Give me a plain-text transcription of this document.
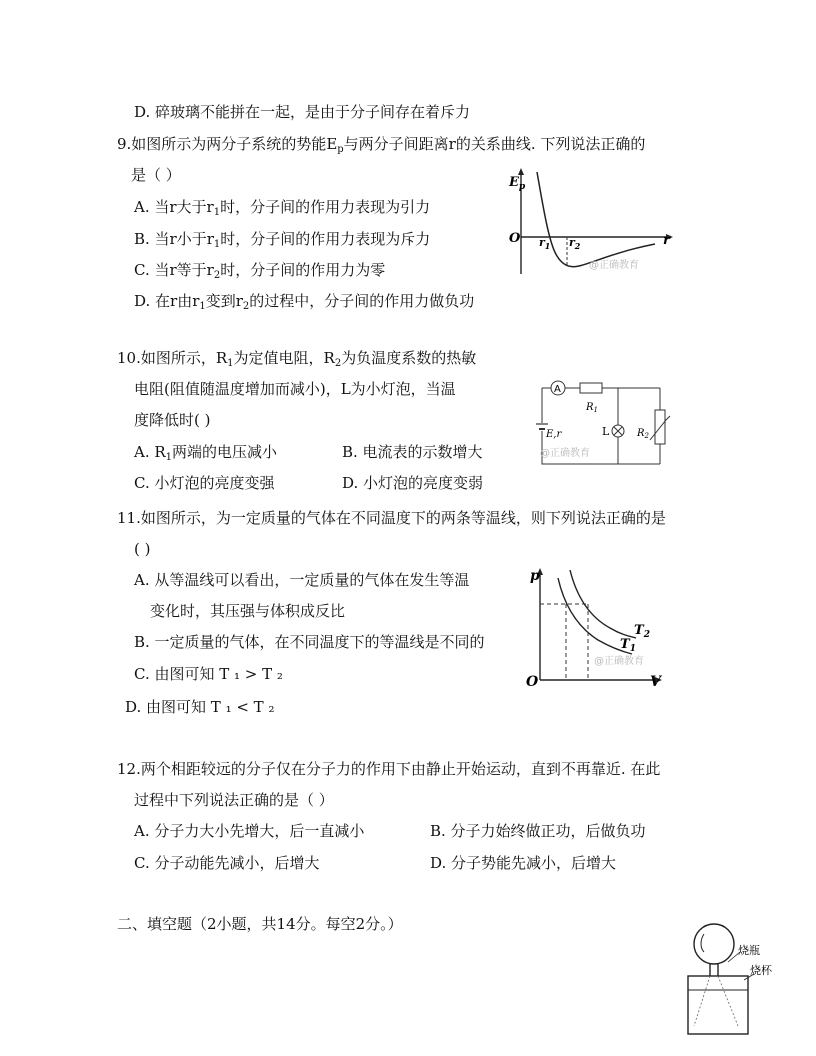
D. 碎玻璃不能拼在一起，是由于分子间存在着斥力
9.如图所示为两分子系统的势能$E_p$与两分子间距离r的关系曲线. 下列说法正确的
是（ ）
A. 当r大于$r_1$时，分子间的作用力表现为引力
B. 当r小于$r_1$时，分子间的作用力表现为斥力
C. 当r等于$r_2$时，分子间的作用力为零
D. 在r由$r_1$变到$r_2$的过程中，分子间的作用力做负功
$E_p$
O $r_1$ $r_2$	r
@正确教育
10.如图所示，$R_1$为定值电阻，$R_2$为负温度系数的热敏
电阻(阻值随温度增加而减小)，L为小灯泡，当温
度降低时( )
A. $R_1$两端的电压减小	B. 电流表的示数增大
C. 小灯泡的亮度变强	D. 小灯泡的亮度变弱
A
$R_1$
E,r	L	$R_2$
@正确教育
11.如图所示，为一定质量的气体在不同温度下的两条等温线，则下列说法正确的是
( )
A. 从等温线可以看出，一定质量的气体在发生等温
变化时，其压强与体积成反比
B. 一定质量的气体，在不同温度下的等温线是不同的
C. 由图可知 T ₁ > T ₂
D. 由图可知 T ₁ < T ₂
p
O	V
$T_2$
$T_1$
@正确教育
12.两个相距较远的分子仅在分子力的作用下由静止开始运动，直到不再靠近. 在此
过程中下列说法正确的是（ ）
A. 分子力大小先增大，后一直减小	B. 分子力始终做正功，后做负功
C. 分子动能先减小，后增大	D. 分子势能先减小，后增大
二、填空题（2小题，共14分。每空2分。）
烧瓶
烧杯
